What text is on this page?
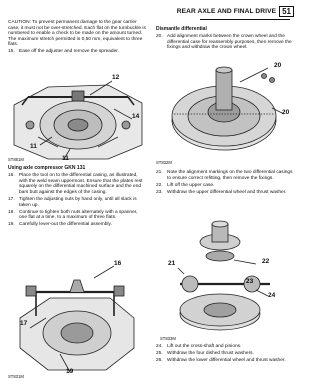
REAR AXLE AND FINAL DRIVE 51

CAUTION: To prevent permanent damage to the gear carrier case, it must not be over-stretched. Each flat on the turnbuckle is numbered to enable a check to be made on the amount turned. The maximum stretch permitted is 0,50 mm, equivalent to three flats.

15. Ease off the adjuster and remove the spreader.
12
14
11
11
ST881M
Using axle compressor GKN 131
16. Place the tool on to the differential casing, as illustrated, with the weld seam uppermost. Ensure that the plates rest squarely on the differential machined surface and the end bars butt against the edges of the casing.
17. Tighten the adjusting nuts by hand only, until all slack is taken up.
18. Continue to tighten both nuts alternately with a spanner, one flat at a time, to a maximum of three flats.
19. Carefully lever-out the differential assembly.
16
17
19
ST831M
Dismantle differential
20. Add alignment marks between the crown wheel and the differential case for reassembly purposes, then remove the fixings and withdraw the crown wheel.
20
20
ST832M
21. Note the alignment markings on the two differential casings to ensure correct refitting, then remove the fixings.
22. Lift off the upper case.
23. Withdraw the upper differential wheel and thrust washer.
22
21
23
24
ST833M
24. Lift out the cross-shaft and pinions.
25. Withdraw the four dished thrust washers.
26. Withdraw the lower differential wheel and thrust washer.
